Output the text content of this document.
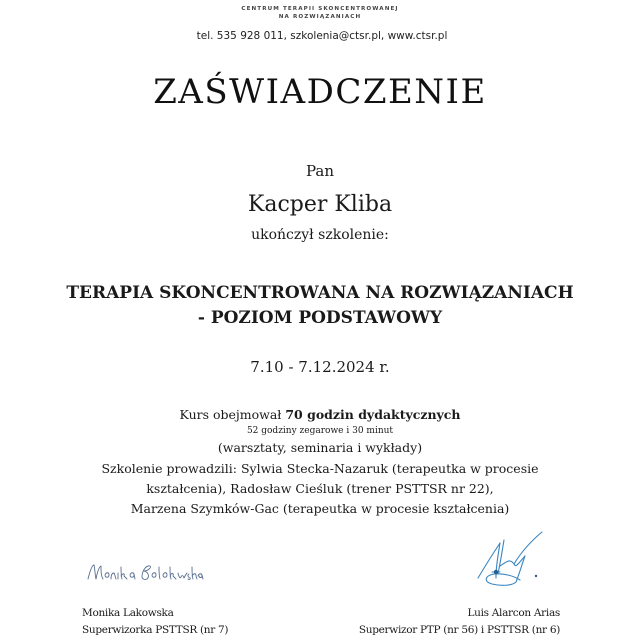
CENTRUM TERAPII SKONCENTROWANEJ
NA ROZWIĄZANIACH
tel. 535 928 011, szkolenia@ctsr.pl, www.ctsr.pl
ZAŚWIADCZENIE
Pan
Kacper Kliba
ukończył szkolenie:
TERAPIA SKONCENTROWANA NA ROZWIĄZANIACH
- POZIOM PODSTAWOWY
7.10 - 7.12.2024 r.
Kurs obejmował 70 godzin dydaktycznych
52 godziny zegarowe i 30 minut
(warsztaty, seminaria i wykłady)
Szkolenie prowadzili: Sylwia Stecka-Nazaruk (terapeutka w procesie
kształcenia), Radosław Cieśluk (trener PSTTSR nr 22),
Marzena Szymków-Gac (terapeutka w procesie kształcenia)
Monika Lakowska
Superwizorka PSTTSR (nr 7)
Luis Alarcon Arias
Superwizor PTP (nr 56) i PSTTSR (nr 6)
